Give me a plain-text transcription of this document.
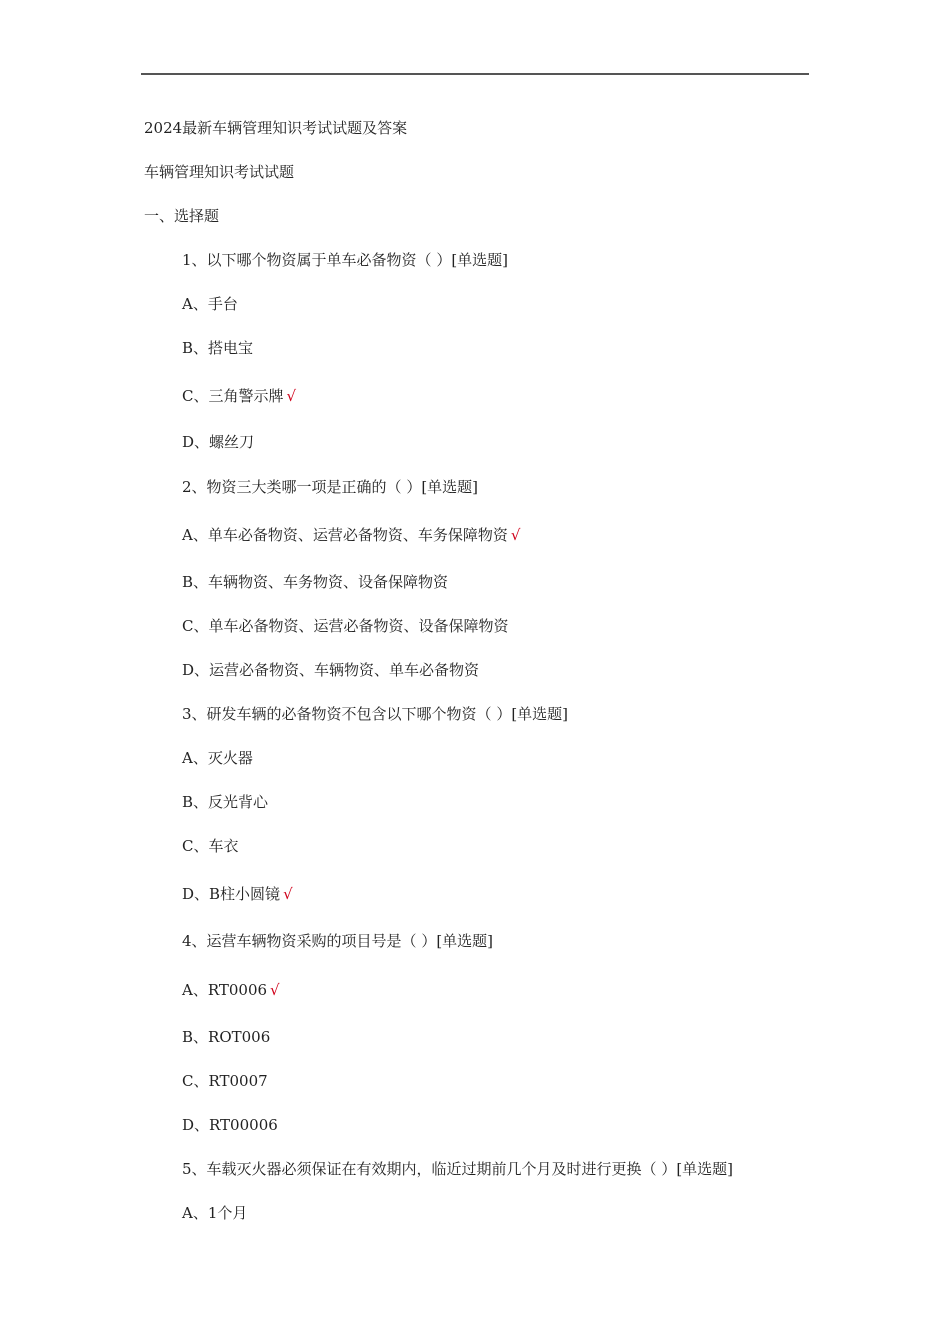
2024最新车辆管理知识考试试题及答案
车辆管理知识考试试题
一、选择题
1、以下哪个物资属于单车必备物资（ ）[单选题]
A、手台
B、搭电宝
C、三角警示牌 √
D、螺丝刀
2、物资三大类哪一项是正确的（ ）[单选题]
A、单车必备物资、运营必备物资、车务保障物资 √
B、车辆物资、车务物资、设备保障物资
C、单车必备物资、运营必备物资、设备保障物资
D、运营必备物资、车辆物资、单车必备物资
3、研发车辆的必备物资不包含以下哪个物资（ ）[单选题]
A、灭火器
B、反光背心
C、车衣
D、B柱小圆镜 √
4、运营车辆物资采购的项目号是（ ）[单选题]
A、RT0006 √
B、ROT006
C、RT0007
D、RT00006
5、车载灭火器必须保证在有效期内，临近过期前几个月及时进行更换（ ）[单选题]
A、1个月
